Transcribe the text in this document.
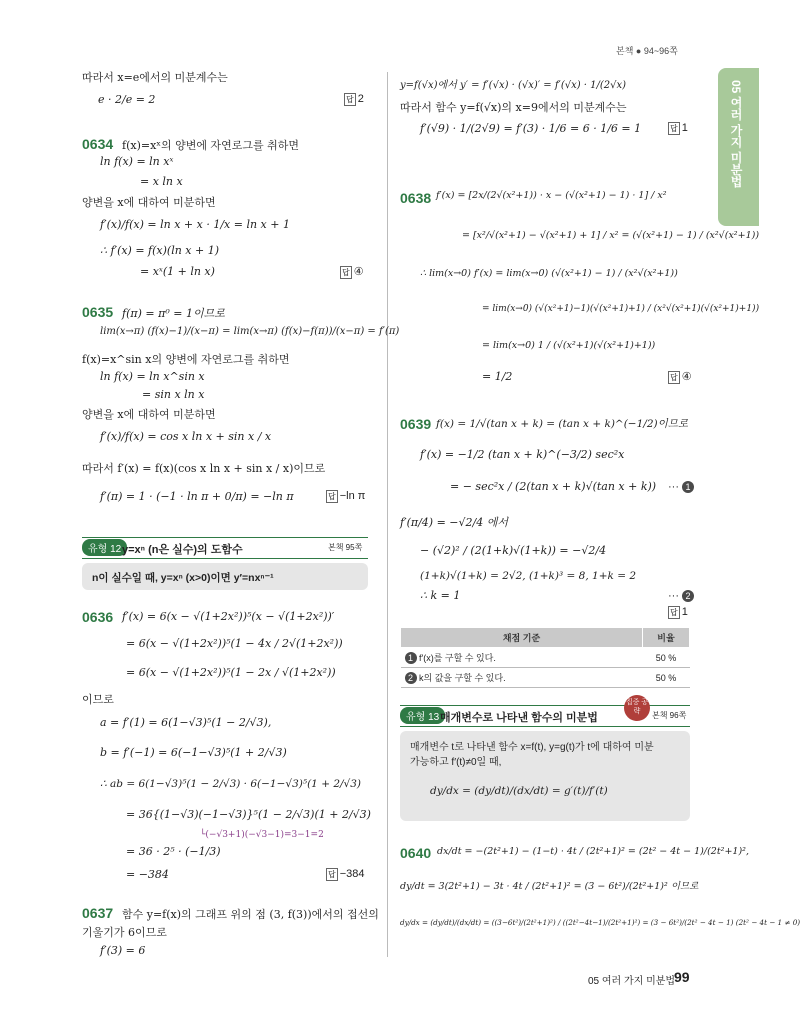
본책 ● 94~96쪽
05 여러 가지 미분법
따라서 x=e에서의 미분계수는
e · 2/e = 2	답 2
0634 f(x)=xˣ의 양변에 자연로그를 취하면
ln f(x) = ln xˣ
= x ln x
양변을 x에 대하여 미분하면
f′(x)/f(x) = ln x + x · 1/x = ln x + 1
∴ f′(x) = f(x)(ln x + 1)
= xˣ(1 + ln x)	답 ④
0635 f(π) = π⁰ = 1이므로
lim(x→π) (f(x)−1)/(x−π) = lim(x→π) (f(x)−f(π))/(x−π) = f′(π)
f(x)=x^sin x의 양변에 자연로그를 취하면
ln f(x) = ln x^sin x
= sin x ln x
양변을 x에 대하여 미분하면
f′(x)/f(x) = cos x ln x + sin x / x
따라서 f′(x) = f(x)(cos x ln x + sin x / x)이므로
f′(π) = 1 · (−1 · ln π + 0/π) = −ln π	답 −ln π
유형 12 y=xⁿ (n은 실수)의 도함수	본책 95쪽
n이 실수일 때, y=xⁿ (x>0)이면 y′=nxⁿ⁻¹
0636 f′(x) = 6(x − √(1+2x²))⁵(x − √(1+2x²))′
= 6(x − √(1+2x²))⁵(1 − 4x / 2√(1+2x²))
= 6(x − √(1+2x²))⁵(1 − 2x / √(1+2x²))
이므로
a = f′(1) = 6(1−√3)⁵(1 − 2/√3),
b = f′(−1) = 6(−1−√3)⁵(1 + 2/√3)
∴ ab = 6(1−√3)⁵(1 − 2/√3) · 6(−1−√3)⁵(1 + 2/√3)
= 36{(1−√3)(−1−√3)}⁵(1 − 2/√3)(1 + 2/√3)
└(−√3+1)(−√3−1)=3−1=2
= 36 · 2⁵ · (−1/3)
= −384	답 −384
0637 함수 y=f(x)의 그래프 위의 점 (3, f(3))에서의 접선의
기울기가 6이므로
f′(3) = 6
y=f(√x)에서 y′ = f′(√x) · (√x)′ = f′(√x) · 1/(2√x)
따라서 함수 y=f(√x)의 x=9에서의 미분계수는
f′(√9) · 1/(2√9) = f′(3) · 1/6 = 6 · 1/6 = 1	답 1
0638 f′(x) = [2x/(2√(x²+1)) · x − (√(x²+1) − 1) · 1] / x²
= [x²/√(x²+1) − √(x²+1) + 1] / x² = (√(x²+1) − 1) / (x²√(x²+1))
∴ lim(x→0) f′(x) = lim(x→0) (√(x²+1) − 1) / (x²√(x²+1))
= lim(x→0) (√(x²+1)−1)(√(x²+1)+1) / (x²√(x²+1)(√(x²+1)+1))
= lim(x→0) 1 / (√(x²+1)(√(x²+1)+1))
= 1/2	답 ④
0639 f(x) = 1/√(tan x + k) = (tan x + k)^(−1/2)이므로
f′(x) = −1/2 (tan x + k)^(−3/2) sec²x
= − sec²x / (2(tan x + k)√(tan x + k)) ··· 1
f′(π/4) = −√2/4 에서
− (√2)² / (2(1+k)√(1+k)) = −√2/4
(1+k)√(1+k) = 2√2, (1+k)³ = 8, 1+k = 2
∴ k = 1	··· 2
답 1
채점 기준	비율
1 f′(x)를 구할 수 있다.	50 %
2 k의 값을 구할 수 있다.	50 %
유형 13 매개변수로 나타낸 함수의 미분법
집중 공략	본책 96쪽
매개변수 t로 나타낸 함수 x=f(t), y=g(t)가 t에 대하여 미분
가능하고 f′(t)≠0일 때,
dy/dx = (dy/dt)/(dx/dt) = g′(t)/f′(t)
0640 dx/dt = −(2t²+1) − (1−t) · 4t / (2t²+1)² = (2t² − 4t − 1)/(2t²+1)²,
dy/dt = 3(2t²+1) − 3t · 4t / (2t²+1)² = (3 − 6t²)/(2t²+1)² 이므로
dy/dx = (dy/dt)/(dx/dt) = ((3−6t²)/(2t²+1)²) / ((2t²−4t−1)/(2t²+1)²) = (3 − 6t²)/(2t² − 4t − 1) (2t² − 4t − 1 ≠ 0)
05 여러 가지 미분법
99
